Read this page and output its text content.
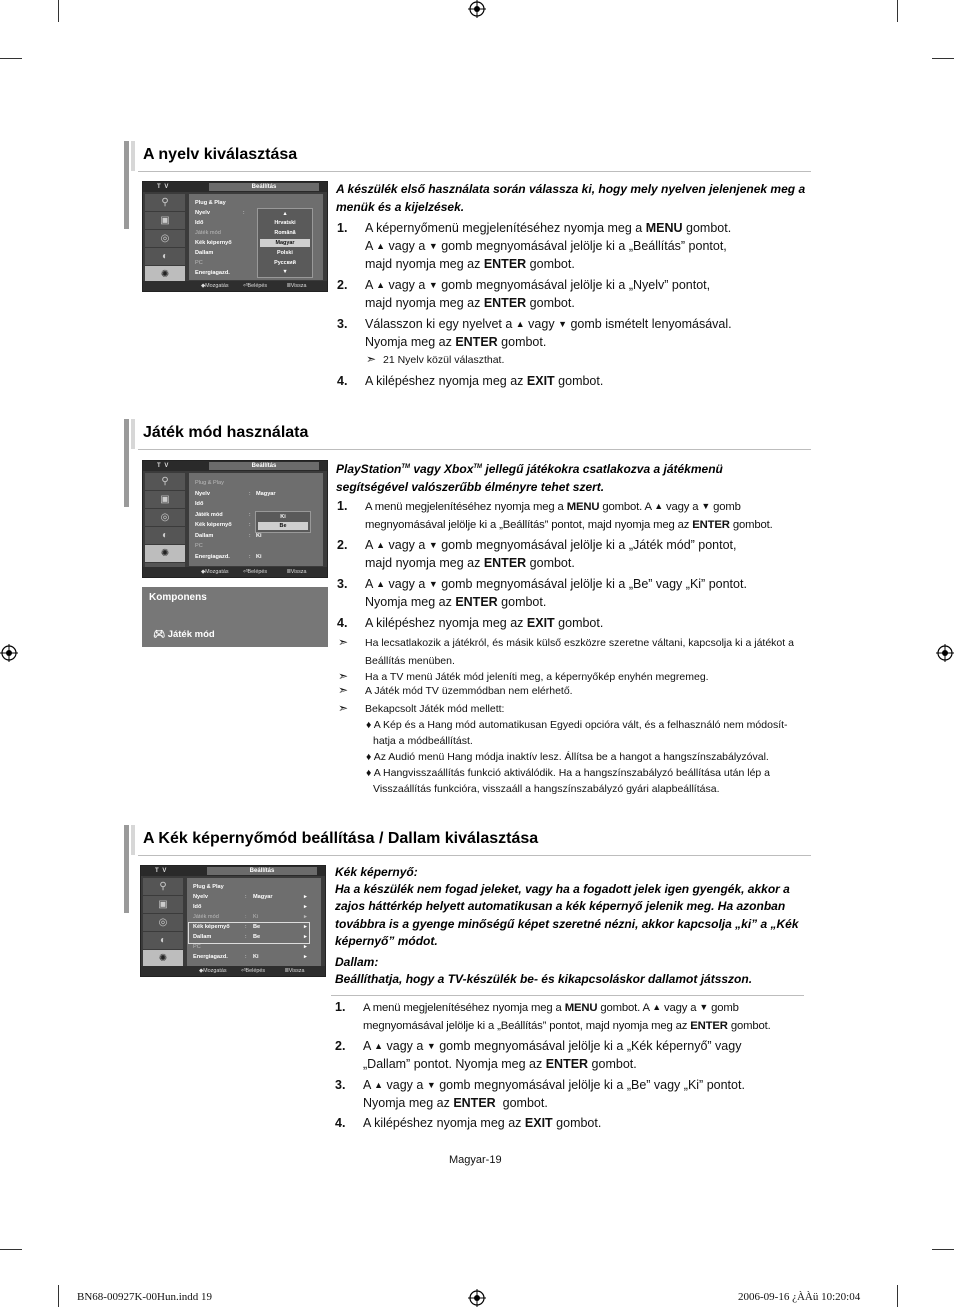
A nyelv kiválasztása
T V	Beállítás
⚲
▣
◎
◐
✺
Plug & Play
Nyelv	:
Idő
Játék mód
Kék képernyő
Dallam
PC
Energiagazd.
▲
Hrvatski
Română
Magyar
Polski
Русский
▼
◆Mozgatás	⏎Belépés	ⅢVissza
A készülék első használata során válassza ki, hogy mely nyelven jelenjenek meg a menük és a kijelzések.
1. A képernyőmenü megjelenítéséhez nyomja meg a MENU gombot.
A ▲ vagy a ▼ gomb megnyomásával jelölje ki a „Beállítás” pontot,
majd nyomja meg az ENTER gombot.
2. A ▲ vagy a ▼ gomb megnyomásával jelölje ki a „Nyelv” pontot,
majd nyomja meg az ENTER gombot.
3. Válasszon ki egy nyelvet a ▲ vagy ▼ gomb ismételt lenyomásával.
Nyomja meg az ENTER gombot.
➣ 21 Nyelv közül választhat.
4. A kilépéshez nyomja meg az EXIT gombot.
Játék mód használata
T V	Beállítás
⚲
▣
◎
◐
✺
Plug & Play
Nyelv	: Magyar
Idő
Játék mód	:
Kék képernyő	:
Dallam	: Ki
PC
Energiagazd.	: Ki
Ki
Be
◆Mozgatás	⏎Belépés	ⅢVissza
Komponens
🎮︎ Játék mód
PlayStation™ vagy Xbox™ jellegű játékokra csatlakozva a játékmenü
segítségével valószerűbb élményre tehet szert.
1. A menü megjelenítéséhez nyomja meg a MENU gombot. A ▲ vagy a ▼ gomb
megnyomásával jelölje ki a „Beállítás” pontot, majd nyomja meg az ENTER gombot.
2. A ▲ vagy a ▼ gomb megnyomásával jelölje ki a „Játék mód” pontot,
majd nyomja meg az ENTER gombot.
3. A ▲ vagy a ▼ gomb megnyomásával jelölje ki a „Be” vagy „Ki” pontot.
Nyomja meg az ENTER gombot.
4. A kilépéshez nyomja meg az EXIT gombot.
➣ Ha lecsatlakozik a játékról, és másik külső eszközre szeretne váltani, kapcsolja ki a játékot a
Beállítás menüben.
➣ Ha a TV menü Játék mód jeleníti meg, a képernyőkép enyhén megremeg.
➣ A Játék mód TV üzemmódban nem elérhető.
➣ Bekapcsolt Játék mód mellett:
♦ A Kép és a Hang mód automatikusan Egyedi opcióra vált, és a felhasználó nem módosít-
hatja a módbeállítást.
♦ Az Audió menü Hang módja inaktív lesz. Állítsa be a hangot a hangszínszabályzóval.
♦ A Hangvisszaállítás funkció aktiválódik. Ha a hangszínszabályzó beállítása után lép a
Visszaállítás funkcióra, visszaáll a hangszínszabályzó gyári alapbeállítása.
A Kék képernyőmód beállítása / Dallam kiválasztása
T V	Beállítás
⚲
▣
◎
◐
✺
Plug & Play
Nyelv	: Magyar	▸
Idő	▸
Játék mód	: Ki	▸
Kék képernyő	: Be	▸
Dallam	: Be	▸
PC	▸
Energiagazd.	: Ki	▸
◆Mozgatás	⏎Belépés	ⅢVissza
Kék képernyő:
Ha a készülék nem fogad jeleket, vagy ha a fogadott jelek igen gyengék, akkor a
zajos háttérkép helyett automatikusan a kék képernyő jelenik meg. Ha azonban
továbbra is a gyenge minőségű képet szeretné nézni, akkor kapcsolja „ki” a „Kék
képernyő” módot.
Dallam:
Beállíthatja, hogy a TV-készülék be- és kikapcsoláskor dallamot játsszon.
1. A menü megjelenítéséhez nyomja meg a MENU gombot. A ▲ vagy a ▼ gomb
megnyomásával jelölje ki a „Beállítás” pontot, majd nyomja meg az ENTER gombot.
2. A ▲ vagy a ▼ gomb megnyomásával jelölje ki a „Kék képernyő” vagy
„Dallam” pontot. Nyomja meg az ENTER gombot.
3. A ▲ vagy a ▼ gomb megnyomásával jelölje ki a „Be” vagy „Ki” pontot.
Nyomja meg az ENTER  gombot.
4. A kilépéshez nyomja meg az EXIT gombot.
Magyar-19
BN68-00927K-00Hun.indd 19	2006-09-16 ¿ÀÀü 10:20:04
